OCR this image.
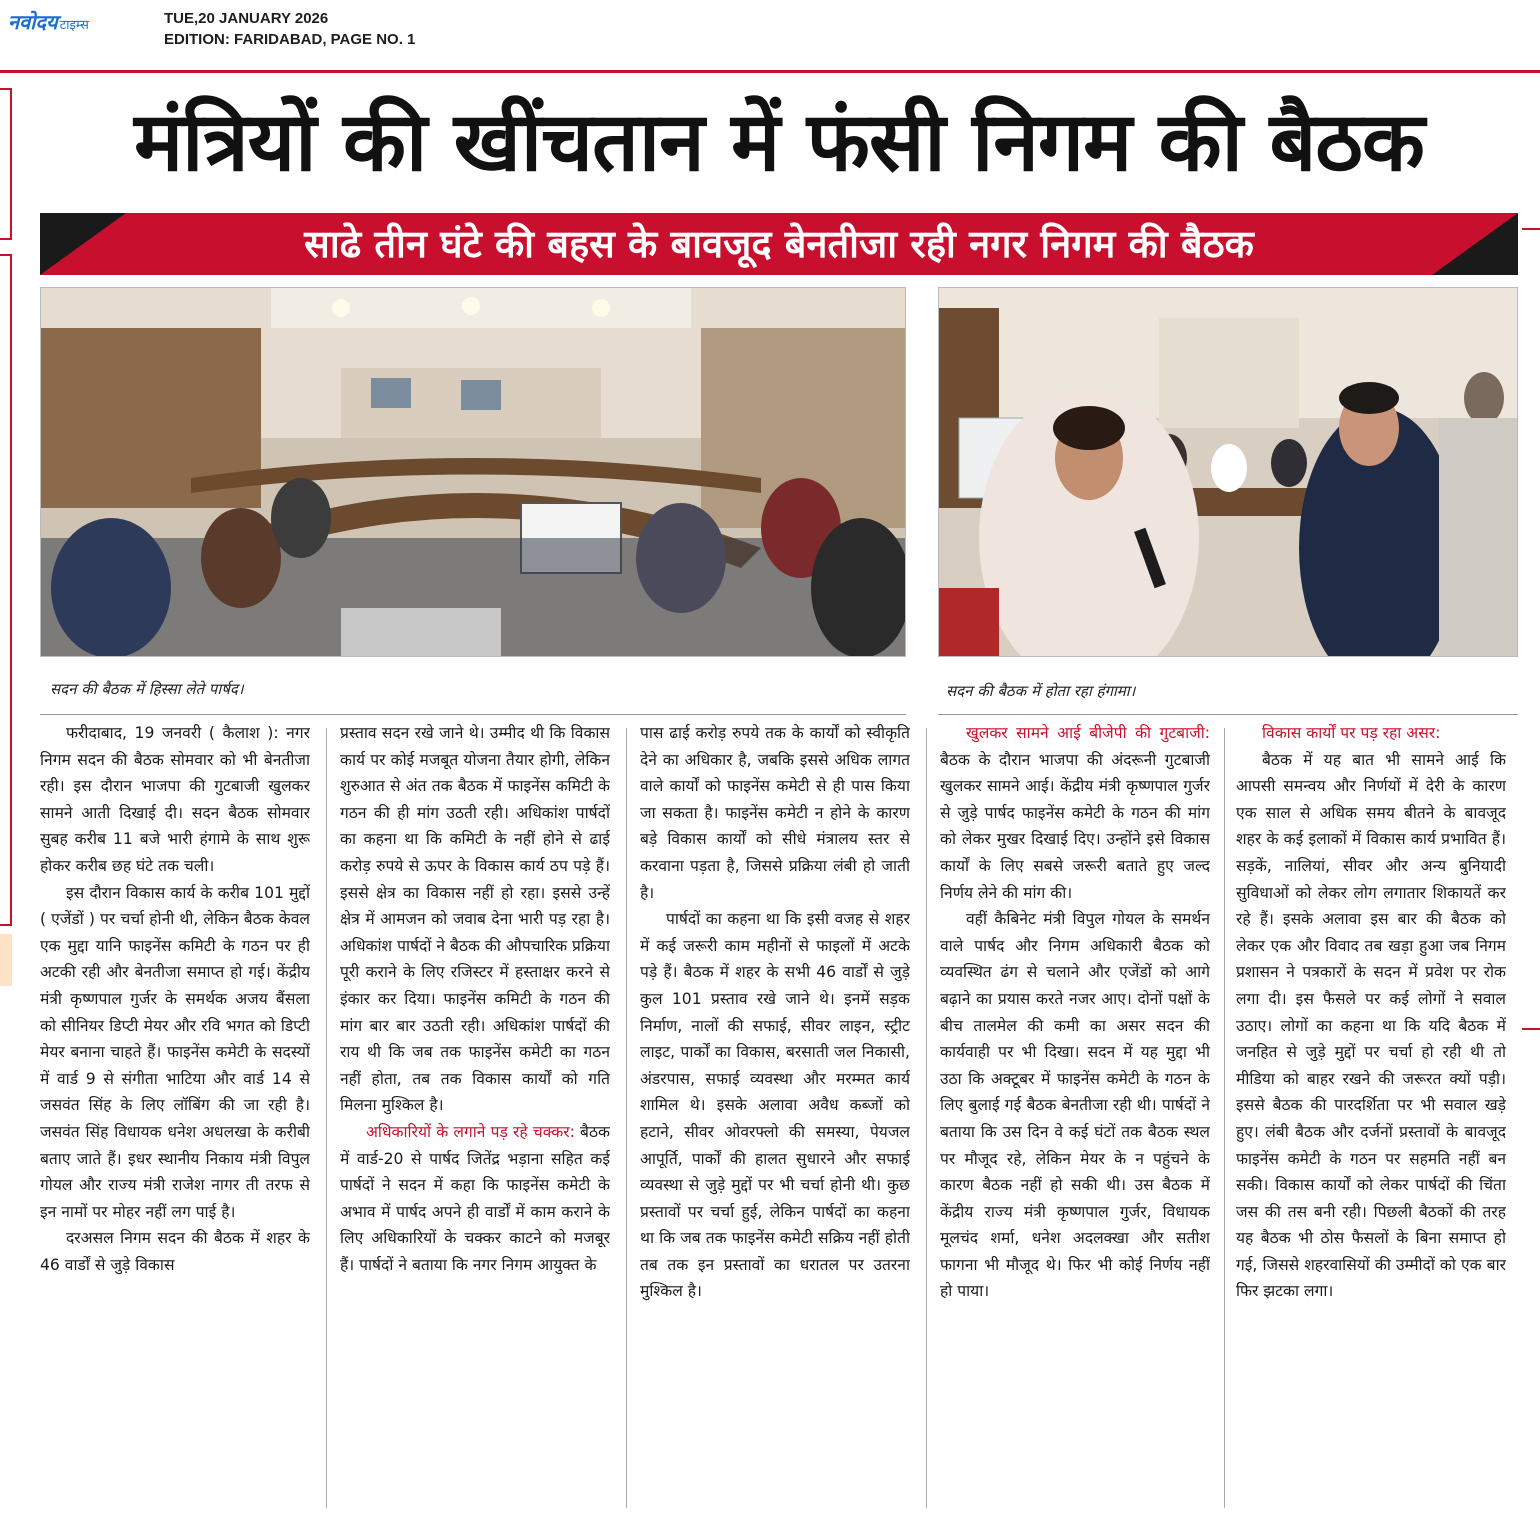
नवोदय टाइम्स	TUE,20 JANUARY 2026
EDITION: FARIDABAD, PAGE NO. 1
मंत्रियों की खींचतान में फंसी निगम की बैठक
साढे तीन घंटे की बहस के बावजूद बेनतीजा रही नगर निगम की बैठक
सदन की बैठक में हिस्सा लेते पार्षद।	सदन की बैठक में होता रहा हंगामा।

फरीदाबाद, 19 जनवरी ( कैलाश ): नगर निगम सदन की बैठक सोमवार को भी बेनतीजा रही। इस दौरान भाजपा की गुटबाजी खुलकर सामने आती दिखाई दी। सदन बैठक सोमवार सुबह करीब 11 बजे भारी हंगामे के साथ शुरू होकर करीब छह घंटे तक चली।

इस दौरान विकास कार्य के करीब 101 मुद्दों ( एजेंडों ) पर चर्चा होनी थी, लेकिन बैठक केवल एक मुद्दा यानि फाइनेंस कमिटी के गठन पर ही अटकी रही और बेनतीजा समाप्त हो गई। केंद्रीय मंत्री कृष्णपाल गुर्जर के समर्थक अजय बैंसला को सीनियर डिप्टी मेयर और रवि भगत को डिप्टी मेयर बनाना चाहते हैं। फाइनेंस कमेटी के सदस्यों में वार्ड 9 से संगीता भाटिया और वार्ड 14 से जसवंत सिंह के लिए लॉबिंग की जा रही है। जसवंत सिंह विधायक धनेश अधलखा के करीबी बताए जाते हैं। इधर स्थानीय निकाय मंत्री विपुल गोयल और राज्य मंत्री राजेश नागर ती तरफ से इन नामों पर मोहर नहीं लग पाई है।

दरअसल निगम सदन की बैठक में शहर के 46 वार्डों से जुड़े विकास

प्रस्ताव सदन रखे जाने थे। उम्मीद थी कि विकास कार्य पर कोई मजबूत योजना तैयार होगी, लेकिन शुरुआत से अंत तक बैठक में फाइनेंस कमिटी के गठन की ही मांग उठती रही। अधिकांश पार्षदों का कहना था कि कमिटी के नहीं होने से ढाई करोड़ रुपये से ऊपर के विकास कार्य ठप पड़े हैं। इससे क्षेत्र का विकास नहीं हो रहा। इससे उन्हें क्षेत्र में आमजन को जवाब देना भारी पड़ रहा है। अधिकांश पार्षदों ने बैठक की औपचारिक प्रक्रिया पूरी कराने के लिए रजिस्टर में हस्ताक्षर करने से इंकार कर दिया। फाइनेंस कमिटी के गठन की मांग बार बार उठती रही। अधिकांश पार्षदों की राय थी कि जब तक फाइनेंस कमेटी का गठन नहीं होता, तब तक विकास कार्यों को गति मिलना मुश्किल है।

अधिकारियों के लगाने पड़ रहे चक्कर: बैठक में वार्ड-20 से पार्षद जितेंद्र भड़ाना सहित कई पार्षदों ने सदन में कहा कि फाइनेंस कमेटी के अभाव में पार्षद अपने ही वार्डों में काम कराने के लिए अधिकारियों के चक्कर काटने को मजबूर हैं। पार्षदों ने बताया कि नगर निगम आयुक्त के

पास ढाई करोड़ रुपये तक के कार्यों को स्वीकृति देने का अधिकार है, जबकि इससे अधिक लागत वाले कार्यों को फाइनेंस कमेटी से ही पास किया जा सकता है। फाइनेंस कमेटी न होने के कारण बड़े विकास कार्यों को सीधे मंत्रालय स्तर से करवाना पड़ता है, जिससे प्रक्रिया लंबी हो जाती है।

पार्षदों का कहना था कि इसी वजह से शहर में कई जरूरी काम महीनों से फाइलों में अटके पड़े हैं। बैठक में शहर के सभी 46 वार्डों से जुड़े कुल 101 प्रस्ताव रखे जाने थे। इनमें सड़क निर्माण, नालों की सफाई, सीवर लाइन, स्ट्रीट लाइट, पार्कों का विकास, बरसाती जल निकासी, अंडरपास, सफाई व्यवस्था और मरम्मत कार्य शामिल थे। इसके अलावा अवैध कब्जों को हटाने, सीवर ओवरफ्लो की समस्या, पेयजल आपूर्ति, पार्कों की हालत सुधारने और सफाई व्यवस्था से जुड़े मुद्दों पर भी चर्चा होनी थी। कुछ प्रस्तावों पर चर्चा हुई, लेकिन पार्षदों का कहना था कि जब तक फाइनेंस कमेटी सक्रिय नहीं होती तब तक इन प्रस्तावों का धरातल पर उतरना मुश्किल है।

खुलकर सामने आई बीजेपी की गुटबाजी: बैठक के दौरान भाजपा की अंदरूनी गुटबाजी खुलकर सामने आई। केंद्रीय मंत्री कृष्णपाल गुर्जर से जुड़े पार्षद फाइनेंस कमेटी के गठन की मांग को लेकर मुखर दिखाई दिए। उन्होंने इसे विकास कार्यों के लिए सबसे जरूरी बताते हुए जल्द निर्णय लेने की मांग की।

वहीं कैबिनेट मंत्री विपुल गोयल के समर्थन वाले पार्षद और निगम अधिकारी बैठक को व्यवस्थित ढंग से चलाने और एजेंडों को आगे बढ़ाने का प्रयास करते नजर आए। दोनों पक्षों के बीच तालमेल की कमी का असर सदन की कार्यवाही पर भी दिखा। सदन में यह मुद्दा भी उठा कि अक्टूबर में फाइनेंस कमेटी के गठन के लिए बुलाई गई बैठक बेनतीजा रही थी। पार्षदों ने बताया कि उस दिन वे कई घंटों तक बैठक स्थल पर मौजूद रहे, लेकिन मेयर के न पहुंचने के कारण बैठक नहीं हो सकी थी। उस बैठक में केंद्रीय राज्य मंत्री कृष्णपाल गुर्जर, विधायक मूलचंद शर्मा, धनेश अदलक्खा और सतीश फागना भी मौजूद थे। फिर भी कोई निर्णय नहीं हो पाया।

विकास कार्यों पर पड़ रहा असर:

बैठक में यह बात भी सामने आई कि आपसी समन्वय और निर्णयों में देरी के कारण एक साल से अधिक समय बीतने के बावजूद शहर के कई इलाकों में विकास कार्य प्रभावित हैं। सड़कें, नालियां, सीवर और अन्य बुनियादी सुविधाओं को लेकर लोग लगातार शिकायतें कर रहे हैं। इसके अलावा इस बार की बैठक को लेकर एक और विवाद तब खड़ा हुआ जब निगम प्रशासन ने पत्रकारों के सदन में प्रवेश पर रोक लगा दी। इस फैसले पर कई लोगों ने सवाल उठाए। लोगों का कहना था कि यदि बैठक में जनहित से जुड़े मुद्दों पर चर्चा हो रही थी तो मीडिया को बाहर रखने की जरूरत क्यों पड़ी। इससे बैठक की पारदर्शिता पर भी सवाल खड़े हुए। लंबी बैठक और दर्जनों प्रस्तावों के बावजूद फाइनेंस कमेटी के गठन पर सहमति नहीं बन सकी। विकास कार्यों को लेकर पार्षदों की चिंता जस की तस बनी रही। पिछली बैठकों की तरह यह बैठक भी ठोस फैसलों के बिना समाप्त हो गई, जिससे शहरवासियों की उम्मीदों को एक बार फिर झटका लगा।
